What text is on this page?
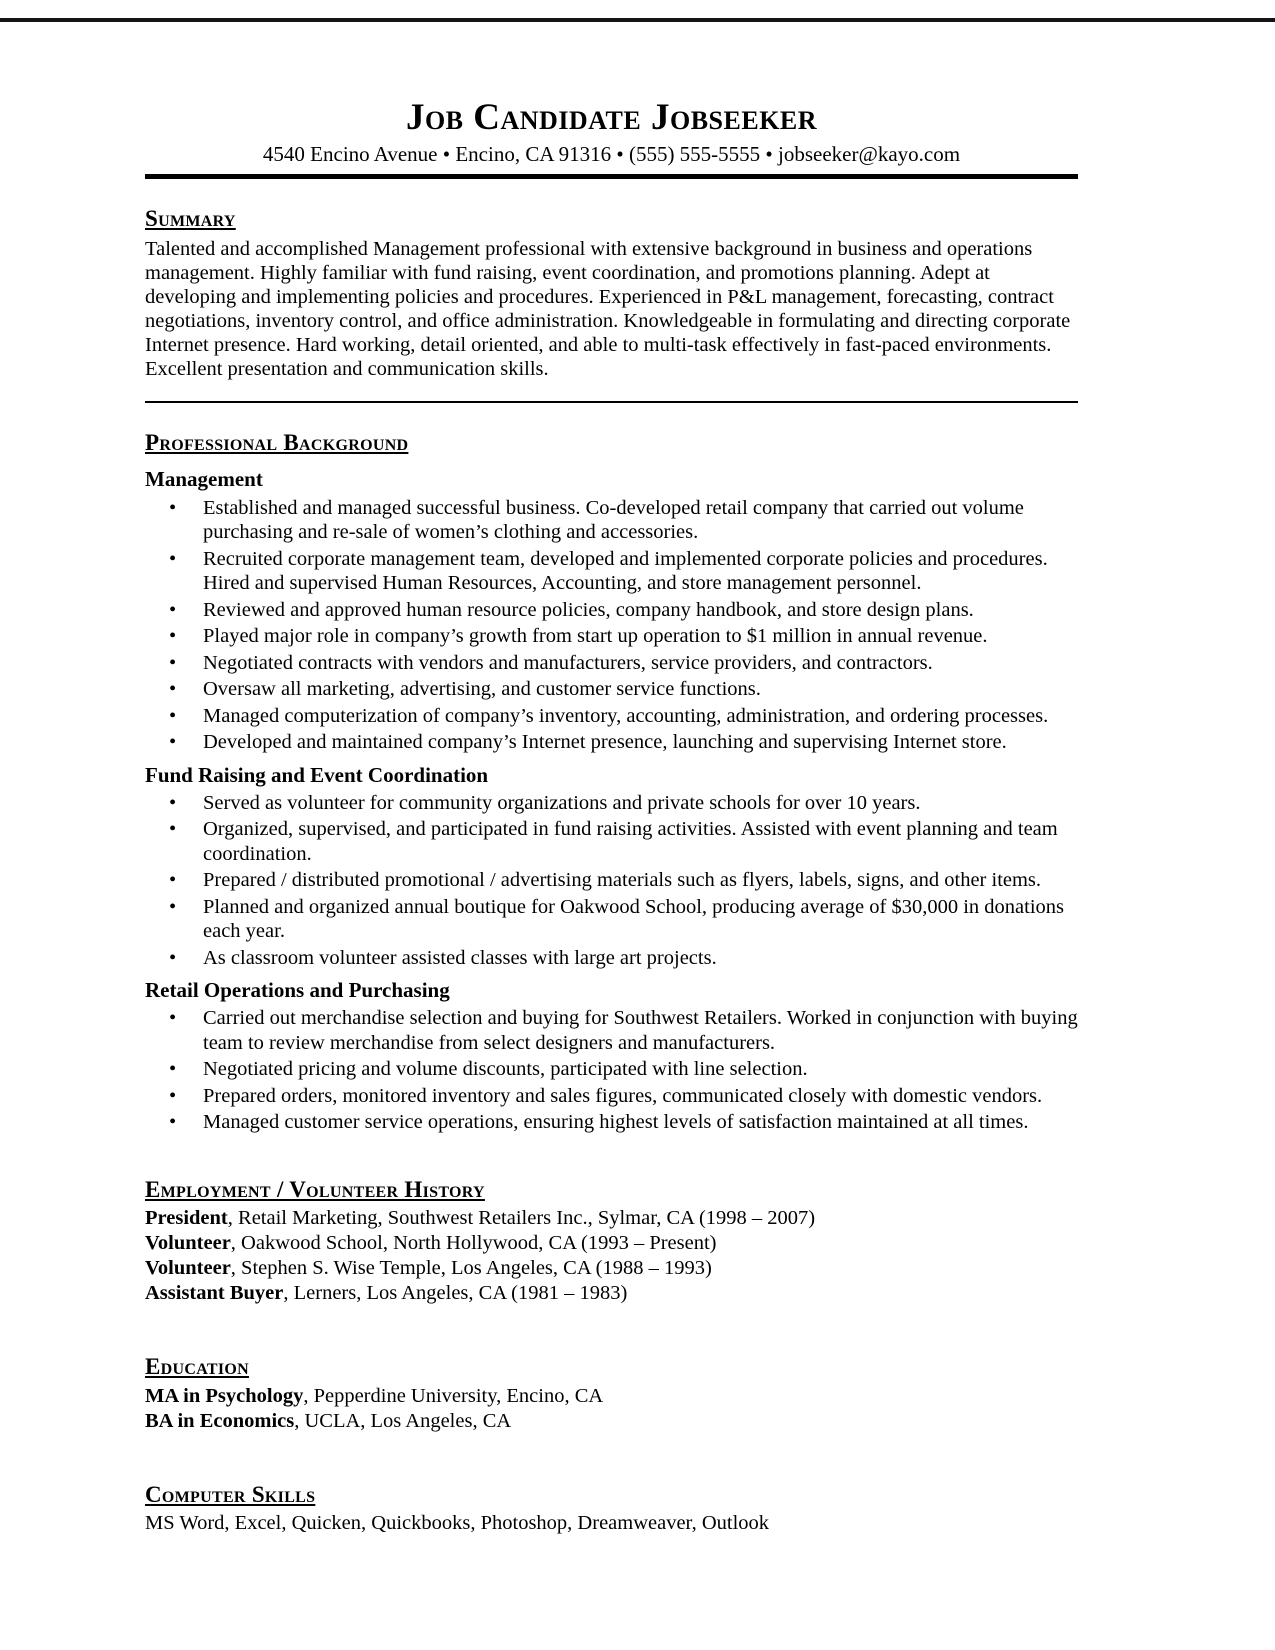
Job Candidate Jobseeker
4540 Encino Avenue • Encino, CA 91316 • (555) 555-5555 • jobseeker@kayo.com
Summary

Talented and accomplished Management professional with extensive background in business and operations management. Highly familiar with fund raising, event coordination, and promotions planning. Adept at developing and implementing policies and procedures. Experienced in P&L management, forecasting, contract negotiations, inventory control, and office administration. Knowledgeable in formulating and directing corporate Internet presence. Hard working, detail oriented, and able to multi-task effectively in fast-paced environments. Excellent presentation and communication skills.

Professional Background
Management
• Established and managed successful business. Co-developed retail company that carried out volume purchasing and re-sale of women’s clothing and accessories.
• Recruited corporate management team, developed and implemented corporate policies and procedures. Hired and supervised Human Resources, Accounting, and store management personnel.
• Reviewed and approved human resource policies, company handbook, and store design plans.
• Played major role in company’s growth from start up operation to $1 million in annual revenue.
• Negotiated contracts with vendors and manufacturers, service providers, and contractors.
• Oversaw all marketing, advertising, and customer service functions.
• Managed computerization of company’s inventory, accounting, administration, and ordering processes.
• Developed and maintained company’s Internet presence, launching and supervising Internet store.
Fund Raising and Event Coordination
• Served as volunteer for community organizations and private schools for over 10 years.
• Organized, supervised, and participated in fund raising activities. Assisted with event planning and team coordination.
• Prepared / distributed promotional / advertising materials such as flyers, labels, signs, and other items.
• Planned and organized annual boutique for Oakwood School, producing average of $30,000 in donations each year.
• As classroom volunteer assisted classes with large art projects.
Retail Operations and Purchasing
• Carried out merchandise selection and buying for Southwest Retailers. Worked in conjunction with buying team to review merchandise from select designers and manufacturers.
• Negotiated pricing and volume discounts, participated with line selection.
• Prepared orders, monitored inventory and sales figures, communicated closely with domestic vendors.
• Managed customer service operations, ensuring highest levels of satisfaction maintained at all times.
Employment / Volunteer History
President, Retail Marketing, Southwest Retailers Inc., Sylmar, CA (1998 – 2007)
Volunteer, Oakwood School, North Hollywood, CA (1993 – Present)
Volunteer, Stephen S. Wise Temple, Los Angeles, CA (1988 – 1993)
Assistant Buyer, Lerners, Los Angeles, CA (1981 – 1983)
Education
MA in Psychology, Pepperdine University, Encino, CA
BA in Economics, UCLA, Los Angeles, CA
Computer Skills
MS Word, Excel, Quicken, Quickbooks, Photoshop, Dreamweaver, Outlook
